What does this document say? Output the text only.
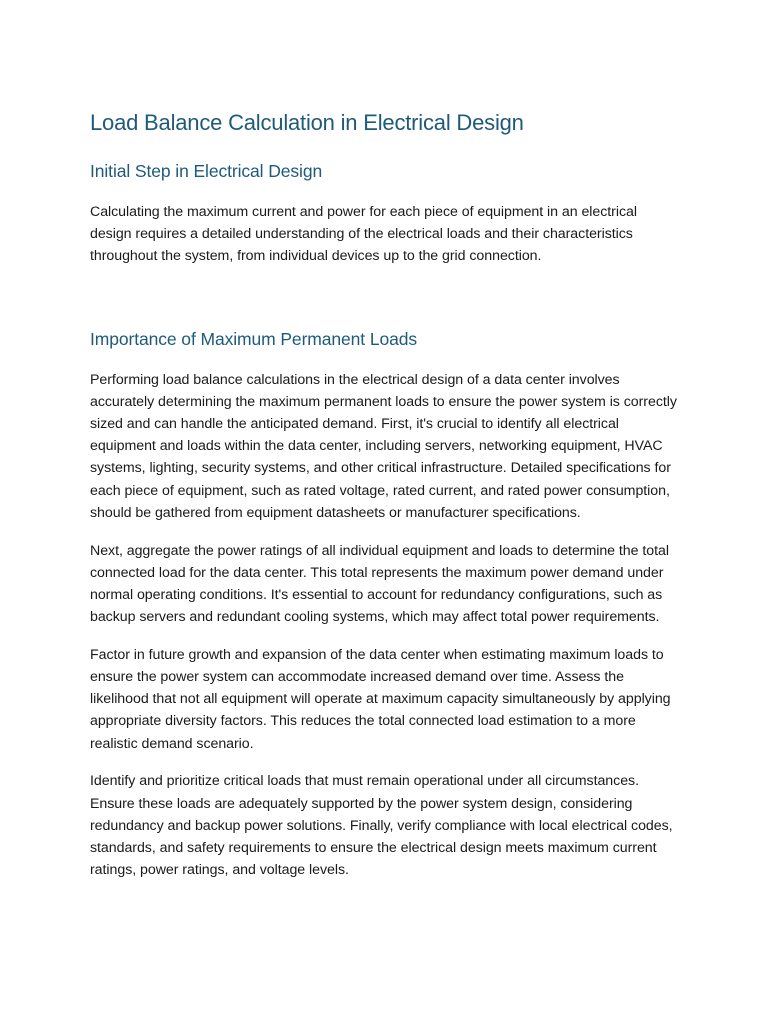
Load Balance Calculation in Electrical Design
Initial Step in Electrical Design

Calculating the maximum current and power for each piece of equipment in an electrical design requires a detailed understanding of the electrical loads and their characteristics throughout the system, from individual devices up to the grid connection.

Importance of Maximum Permanent Loads

Performing load balance calculations in the electrical design of a data center involves accurately determining the maximum permanent loads to ensure the power system is correctly sized and can handle the anticipated demand. First, it's crucial to identify all electrical equipment and loads within the data center, including servers, networking equipment, HVAC systems, lighting, security systems, and other critical infrastructure. Detailed specifications for each piece of equipment, such as rated voltage, rated current, and rated power consumption, should be gathered from equipment datasheets or manufacturer specifications.

Next, aggregate the power ratings of all individual equipment and loads to determine the total connected load for the data center. This total represents the maximum power demand under normal operating conditions. It's essential to account for redundancy configurations, such as backup servers and redundant cooling systems, which may affect total power requirements.

Factor in future growth and expansion of the data center when estimating maximum loads to ensure the power system can accommodate increased demand over time. Assess the likelihood that not all equipment will operate at maximum capacity simultaneously by applying appropriate diversity factors. This reduces the total connected load estimation to a more realistic demand scenario.

Identify and prioritize critical loads that must remain operational under all circumstances. Ensure these loads are adequately supported by the power system design, considering redundancy and backup power solutions. Finally, verify compliance with local electrical codes, standards, and safety requirements to ensure the electrical design meets maximum current ratings, power ratings, and voltage levels.
